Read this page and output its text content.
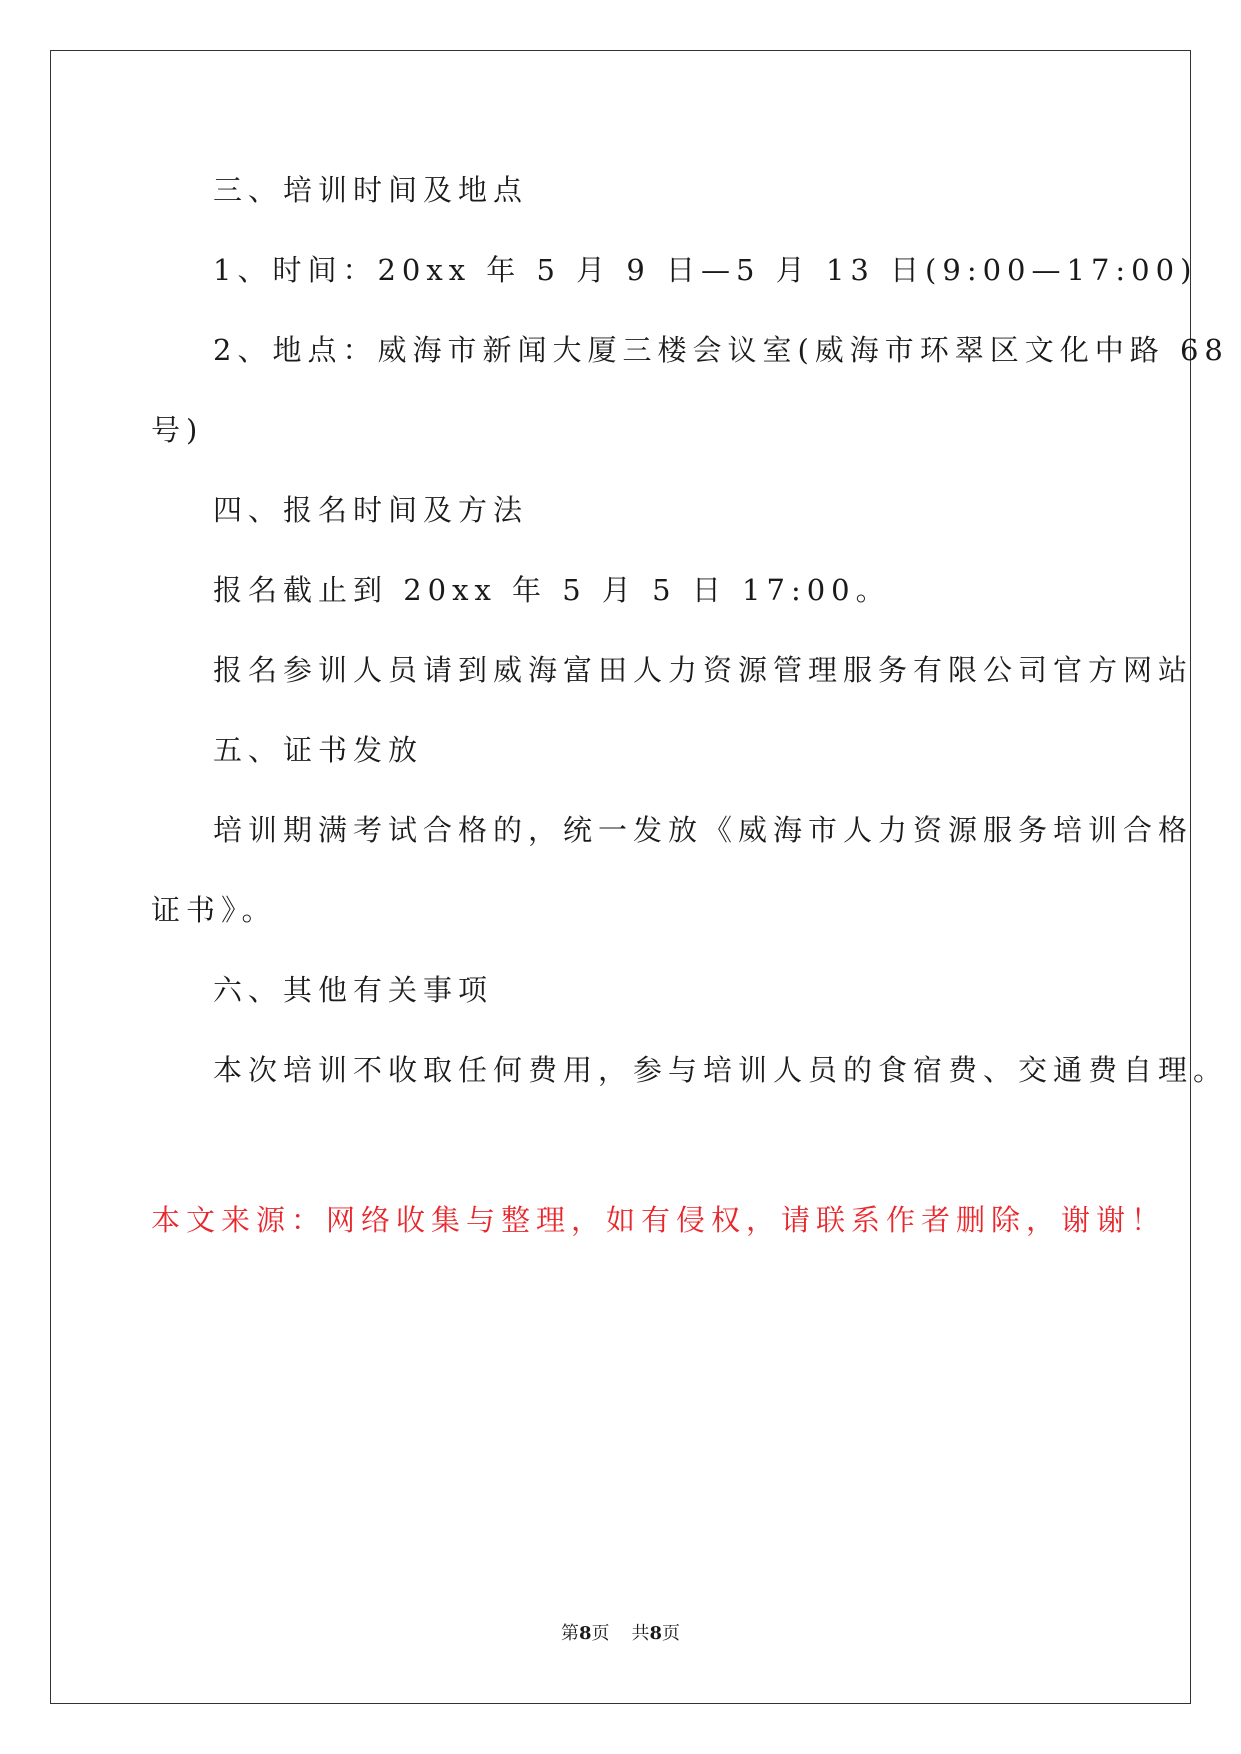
三、培训时间及地点
1、时间：20xx 年 5 月 9 日—5 月 13 日(9:00—17:00)
2、地点：威海市新闻大厦三楼会议室(威海市环翠区文化中路 68
号)
四、报名时间及方法
报名截止到 20xx 年 5 月 5 日 17:00。
报名参训人员请到威海富田人力资源管理服务有限公司官方网站
五、证书发放
培训期满考试合格的，统一发放《威海市人力资源服务培训合格
证书》。
六、其他有关事项
本次培训不收取任何费用，参与培训人员的食宿费、交通费自理。
本文来源：网络收集与整理，如有侵权，请联系作者删除，谢谢！
第8页 共8页
